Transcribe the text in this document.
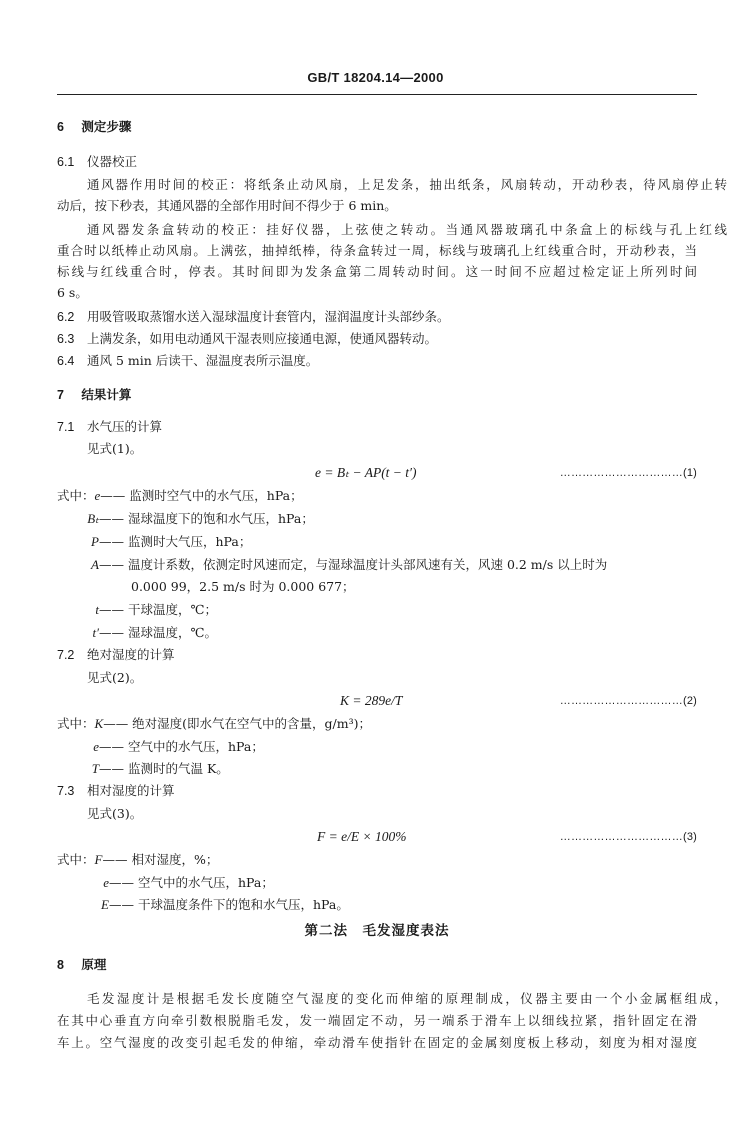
GB/T 18204.14—2000
6 测定步骤
6.1 仪器校正
通风器作用时间的校正：将纸条止动风扇，上足发条，抽出纸条，风扇转动，开动秒表，待风扇停止转
动后，按下秒表，其通风器的全部作用时间不得少于 6 min。
通风器发条盒转动的校正：挂好仪器，上弦使之转动。当通风器玻璃孔中条盒上的标线与孔上红线
重合时以纸棒止动风扇。上满弦，抽掉纸棒，待条盒转过一周，标线与玻璃孔上红线重合时，开动秒表，当
标线与红线重合时，停表。其时间即为发条盒第二周转动时间。这一时间不应超过检定证上所列时间
6 s。
6.2 用吸管吸取蒸馏水送入湿球温度计套管内，湿润温度计头部纱条。
6.3 上满发条，如用电动通风干湿表则应接通电源，使通风器转动。
6.4 通风 5 min 后读干、湿温度表所示温度。
7 结果计算
7.1 水气压的计算
见式(1)。
e = Bₜ − AP(t − t′)	……………………………(1)
式中：e—— 监测时空气中的水气压，hPa；
Bₜ—— 湿球温度下的饱和水气压，hPa；
P—— 监测时大气压，hPa；
A—— 温度计系数，依测定时风速而定，与湿球温度计头部风速有关，风速 0.2 m/s 以上时为
0.000 99，2.5 m/s 时为 0.000 677；
t—— 干球温度，℃；
t′—— 湿球温度，℃。
7.2 绝对湿度的计算
见式(2)。
K = 289e/T	……………………………(2)
式中：K—— 绝对湿度(即水气在空气中的含量，g/m³)；
e—— 空气中的水气压，hPa；
T—— 监测时的气温 K。
7.3 相对湿度的计算
见式(3)。
F = e/E × 100%	……………………………(3)
式中：F—— 相对湿度，%；
e—— 空气中的水气压，hPa；
E—— 干球温度条件下的饱和水气压，hPa。
第二法　毛发湿度表法
8 原理
毛发湿度计是根据毛发长度随空气湿度的变化而伸缩的原理制成，仪器主要由一个小金属框组成，
在其中心垂直方向牵引数根脱脂毛发，发一端固定不动，另一端系于滑车上以细线拉紧，指针固定在滑
车上。空气湿度的改变引起毛发的伸缩，牵动滑车使指针在固定的金属刻度板上移动，刻度为相对湿度
